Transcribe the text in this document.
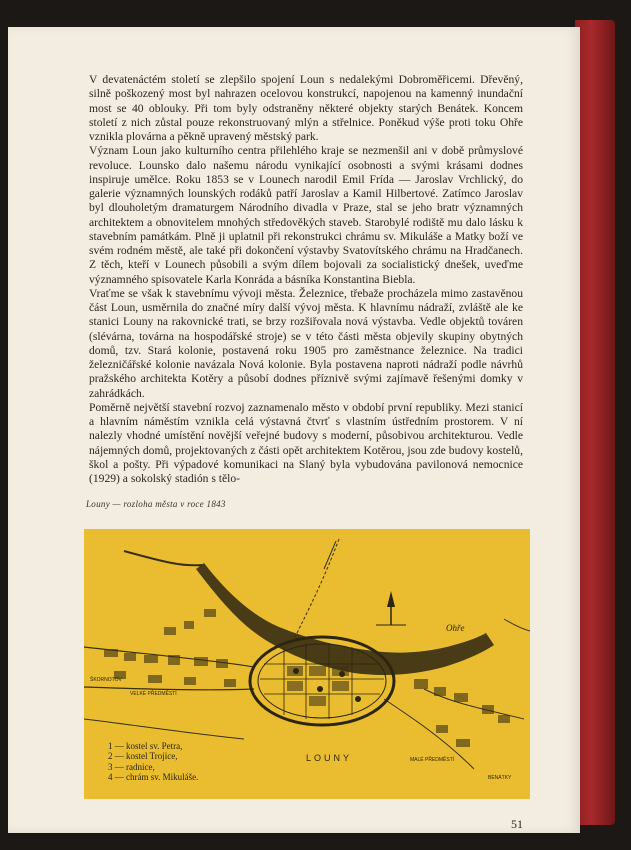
V devatenáctém století se zlepšilo spojení Loun s nedalekými Dobroměřicemi. Dřevěný, silně poškozený most byl nahrazen ocelovou konstrukcí, napojenou na kamenný inundační most se 40 oblouky. Při tom byly odstraněny některé objekty starých Benátek. Koncem století z nich zůstal pouze rekonstruovaný mlýn a střelnice. Poněkud výše proti toku Ohře vznikla plovárna a pěkně upravený městský park.

Význam Loun jako kulturního centra přilehlého kraje se nezmenšil ani v době průmyslové revoluce. Lounsko dalo našemu národu vynikající osobnosti a svými krásami dodnes inspiruje umělce. Roku 1853 se v Lounech narodil Emil Frída — Jaroslav Vrchlický, do galerie významných lounských rodáků patří Jaroslav a Kamil Hilbertové. Zatímco Jaroslav byl dlouholetým dramaturgem Národního divadla v Praze, stal se jeho bratr významných architektem a obnovitelem mnohých středověkých staveb. Starobylé rodiště mu dalo lásku k stavebním památkám. Plně ji uplatnil při rekonstrukci chrámu sv. Mikuláše a Matky boží ve svém rodném městě, ale také při dokončení výstavby Svatovítského chrámu na Hradčanech. Z těch, kteří v Lounech působili a svým dílem bojovali za socialistický dnešek, uveďme významného spisovatele Karla Konráda a básníka Konstantina Biebla.

Vraťme se však k stavebnímu vývoji města. Železnice, třebaže procházela mimo zastavěnou část Loun, usměrnila do značné míry další vývoj města. K hlavnímu nádraží, zvláště ale ke stanici Louny na rakovnické trati, se brzy rozšiřovala nová výstavba. Vedle objektů továren (slévárna, továrna na hospodářské stroje) se v této části města objevily skupiny obytných domů, tzv. Stará kolonie, postavená roku 1905 pro zaměstnance železnice. Na tradici železničářské kolonie navázala Nová kolonie. Byla postavena naproti nádraží podle návrhů pražského architekta Kotěry a působí dodnes příznivě svými zajímavě řešenými domky v zahrádkách.

Poměrně největší stavební rozvoj zaznamenalo město v období první republiky. Mezi stanicí a hlavním náměstím vznikla celá výstavná čtvrť s vlastním ústředním prostorem. V ní nalezly vhodné umístění novější veřejné budovy s moderní, působivou architekturou. Vedle nájemných domů, projektovaných z části opět architektem Kotěrou, jsou zde budovy kostelů, škol a pošty. Při výpadové komunikaci na Slaný byla vybudována pavilonová nemocnice (1929) a sokolský stadión s tělo-

Louny — rozloha města v roce 1843
Ohře
LOUNY
ŠKORNOTOV
VELKÉ PŘEDMĚSTÍ
MALÉ PŘEDMĚSTÍ
BENÁTKY
1 — kostel sv. Petra,
2 — kostel Trojice,
3 — radnice,
4 — chrám sv. Mikuláše.
51
